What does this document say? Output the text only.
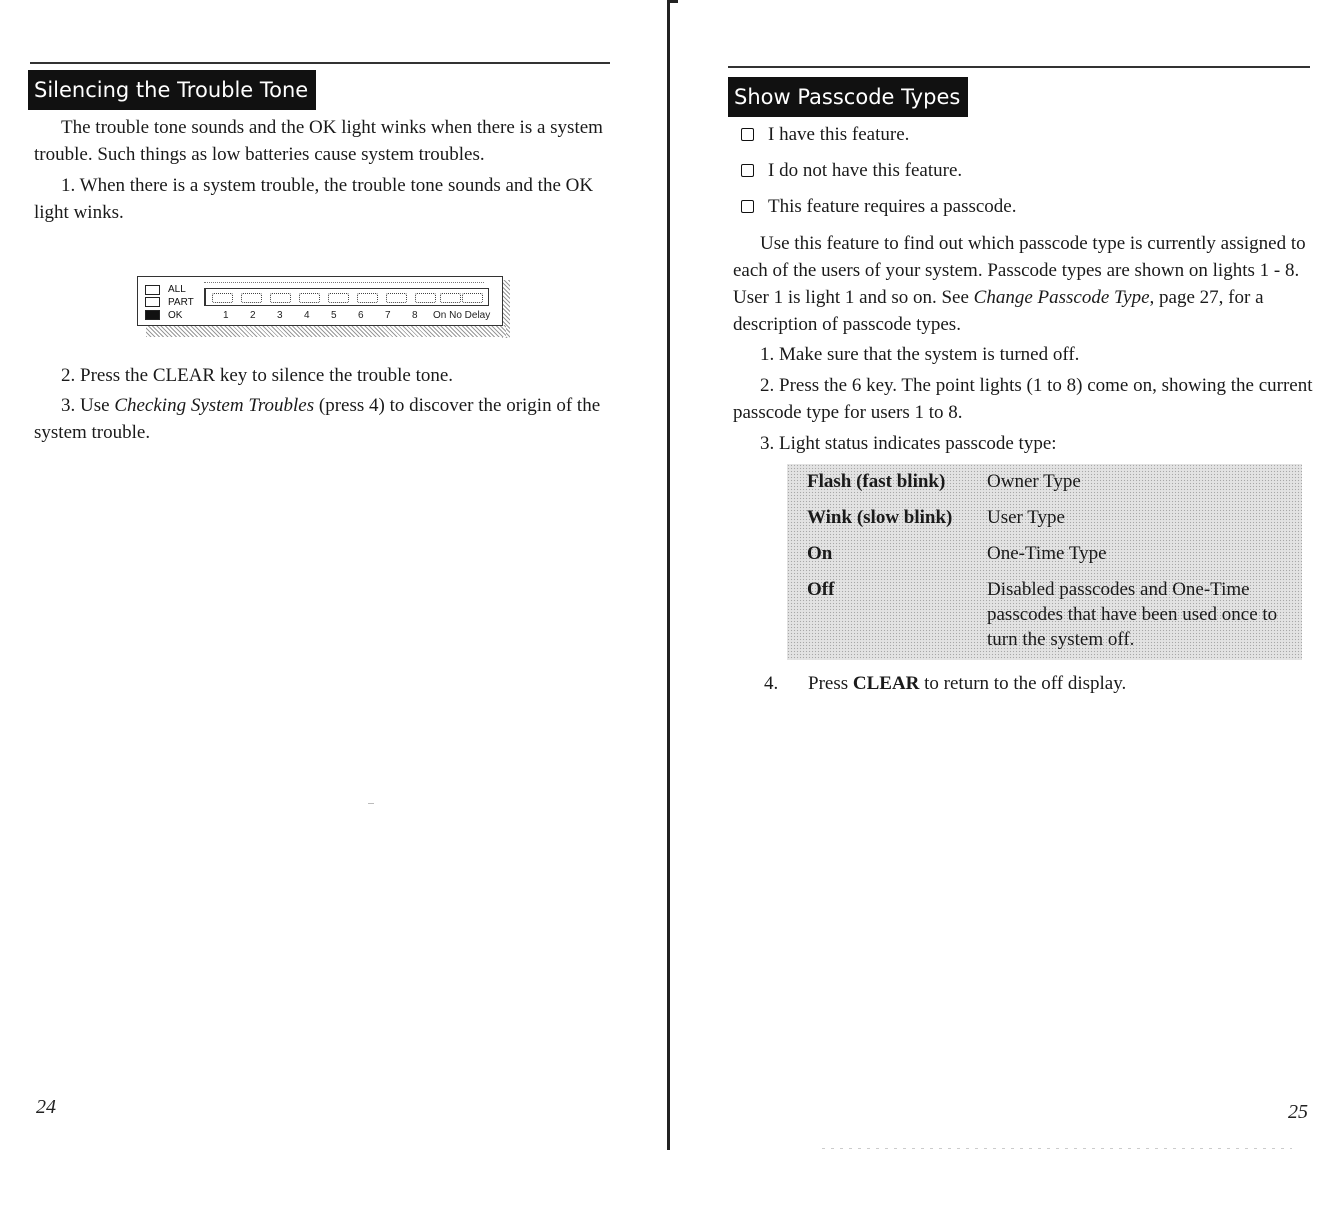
Silencing the Trouble Tone

The trouble tone sounds and the OK light winks when there is a system trouble. Such things as low batteries cause system troubles.

1. When there is a system trouble, the trouble tone sounds and the OK light winks.

ALL
PART
OK	1 2 3 4 5 6 7 8 On No Delay

2. Press the CLEAR key to silence the trouble tone.

3. Use Checking System Troubles (press 4) to discover the origin of the system trouble.

24
Show Passcode Types
I have this feature.
I do not have this feature.
This feature requires a passcode.

Use this feature to find out which passcode type is currently assigned to each of the users of your system. Passcode types are shown on lights 1 - 8. User 1 is light 1 and so on. See Change Passcode Type, page 27, for a description of passcode types.

1. Make sure that the system is turned off.

2. Press the 6 key. The point lights (1 to 8) come on, showing the current passcode type for users 1 to 8.

3. Light status indicates passcode type:

Flash (fast blink) Owner Type
Wink (slow blink) User Type
On	One-Time Type
Off	Disabled passcodes and One-Time passcodes that have been used once to turn the system off.
4. Press CLEAR to return to the off display.
25
